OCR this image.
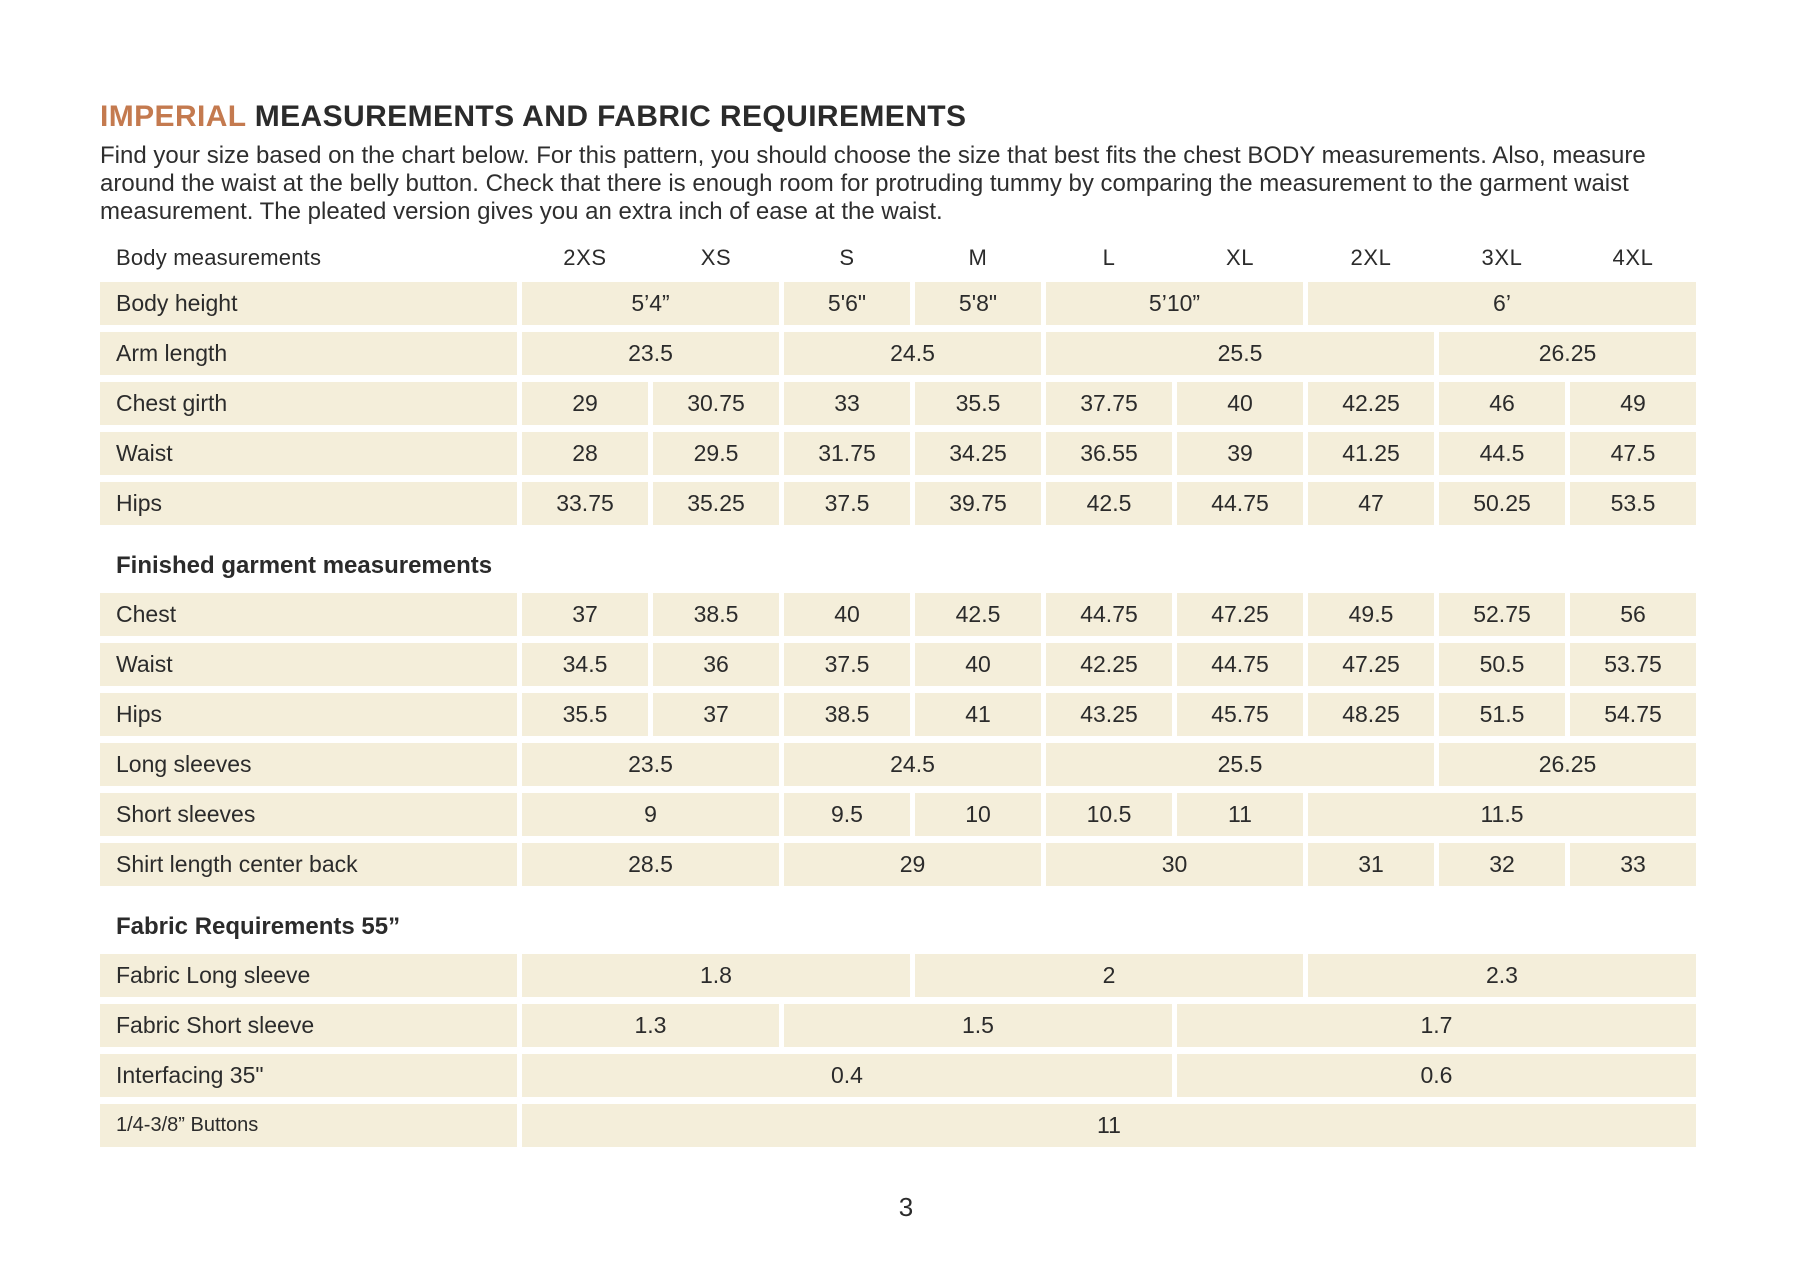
IMPERIAL MEASUREMENTS AND FABRIC REQUIREMENTS

Find your size based on the chart below. For this pattern, you should choose the size that best fits the chest BODY measurements. Also, measure around the waist at the belly button. Check that there is enough room for protruding tummy by comparing the measurement to the garment waist measurement. The pleated version gives you an extra inch of ease at the waist.

Body measurements	2XS	XS	S	M	L	XL	2XL	3XL	4XL
Body height	5’4”		5'6"	5'8"	5’10”		6’		
Arm length	23.5		24.5		25.5			26.25	
Chest girth	29	30.75	33	35.5	37.75	40	42.25	46	49
Waist	28	29.5	31.75	34.25	36.55	39	41.25	44.5	47.5
Hips	33.75	35.25	37.5	39.75	42.5	44.75	47	50.25	53.5
Finished garment measurements									
Chest	37	38.5	40	42.5	44.75	47.25	49.5	52.75	56
Waist	34.5	36	37.5	40	42.25	44.75	47.25	50.5	53.75
Hips	35.5	37	38.5	41	43.25	45.75	48.25	51.5	54.75
Long sleeves	23.5		24.5		25.5			26.25	
Short sleeves	9		9.5	10	10.5	11	11.5		
Shirt length center back	28.5		29		30		31	32	33
Fabric Requirements 55”									
Fabric Long sleeve	1.8			2			2.3		
Fabric Short sleeve	1.3		1.5			1.7			
Interfacing 35"	0.4					0.6			
1/4-3/8” Buttons	11								
3
